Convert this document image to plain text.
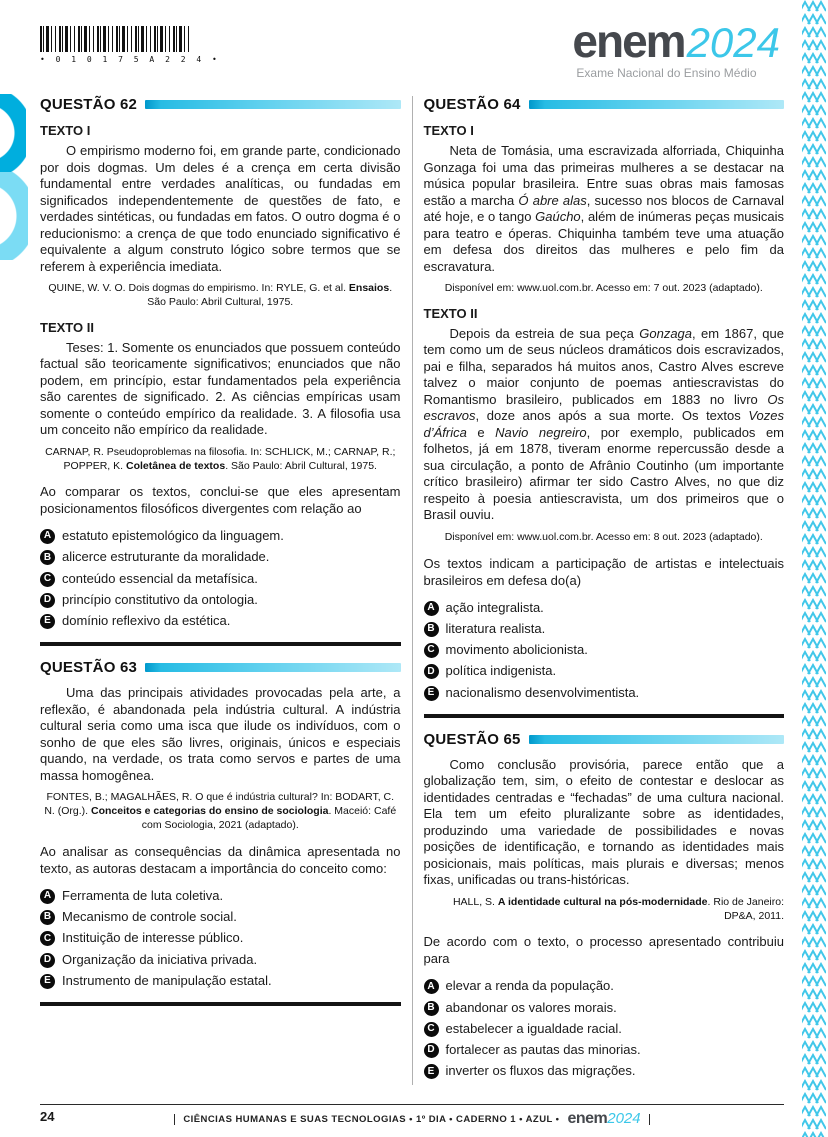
• 0 1 0 1 7 5 A 2 2 4 •	enem 2024
Exame Nacional do Ensino Médio
QUESTÃO 62
TEXTO I

O empirismo moderno foi, em grande parte, condicionado por dois dogmas. Um deles é a crença em certa divisão fundamental entre verdades analíticas, ou fundadas em significados independentemente de questões de fato, e verdades sintéticas, ou fundadas em fatos. O outro dogma é o reducionismo: a crença de que todo enunciado significativo é equivalente a algum construto lógico sobre termos que se referem à experiência imediata.

QUINE, W. V. O. Dois dogmas do empirismo. In: RYLE, G. et al. Ensaios. São Paulo: Abril Cultural, 1975.

TEXTO II

Teses: 1. Somente os enunciados que possuem conteúdo factual são teoricamente significativos; enunciados que não podem, em princípio, estar fundamentados pela experiência são carentes de significado. 2. As ciências empíricas usam somente o conteúdo empírico da realidade. 3. A filosofia usa um conceito não empírico da realidade.

CARNAP, R. Pseudoproblemas na filosofia. In: SCHLICK, M.; CARNAP, R.; POPPER, K. Coletânea de textos. São Paulo: Abril Cultural, 1975.

Ao comparar os textos, conclui-se que eles apresentam posicionamentos filosóficos divergentes com relação ao

A estatuto epistemológico da linguagem.
B alicerce estruturante da moralidade.
C conteúdo essencial da metafísica.
D princípio constitutivo da ontologia.
E domínio reflexivo da estética.
QUESTÃO 63

Uma das principais atividades provocadas pela arte, a reflexão, é abandonada pela indústria cultural. A indústria cultural seria como uma isca que ilude os indivíduos, com o sonho de que eles são livres, originais, únicos e especiais quando, na verdade, os trata como servos e partes de uma massa homogênea.

FONTES, B.; MAGALHÃES, R. O que é indústria cultural? In: BODART, C. N. (Org.). Conceitos e categorias do ensino de sociologia. Maceió: Café com Sociologia, 2021 (adaptado).

Ao analisar as consequências da dinâmica apresentada no texto, as autoras destacam a importância do conceito como:

A Ferramenta de luta coletiva.
B Mecanismo de controle social.
C Instituição de interesse público.
D Organização da iniciativa privada.
E Instrumento de manipulação estatal.
QUESTÃO 64
TEXTO I

Neta de Tomásia, uma escravizada alforriada, Chiquinha Gonzaga foi uma das primeiras mulheres a se destacar na música popular brasileira. Entre suas obras mais famosas estão a marcha Ó abre alas, sucesso nos blocos de Carnaval até hoje, e o tango Gaúcho, além de inúmeras peças musicais para teatro e óperas. Chiquinha também teve uma atuação em defesa dos direitos das mulheres e pelo fim da escravatura.

Disponível em: www.uol.com.br. Acesso em: 7 out. 2023 (adaptado).

TEXTO II

Depois da estreia de sua peça Gonzaga, em 1867, que tem como um de seus núcleos dramáticos dois escravizados, pai e filha, separados há muitos anos, Castro Alves escreve talvez o maior conjunto de poemas antiescravistas do Romantismo brasileiro, publicados em 1883 no livro Os escravos, doze anos após a sua morte. Os textos Vozes d’África e Navio negreiro, por exemplo, publicados em folhetos, já em 1878, tiveram enorme repercussão desde a sua circulação, a ponto de Afrânio Coutinho (um importante crítico brasileiro) afirmar ter sido Castro Alves, no que diz respeito à poesia antiescravista, um dos primeiros que o Brasil ouviu.

Disponível em: www.uol.com.br. Acesso em: 8 out. 2023 (adaptado).

Os textos indicam a participação de artistas e intelectuais brasileiros em defesa do(a)

A ação integralista.
B literatura realista.
C movimento abolicionista.
D política indigenista.
E nacionalismo desenvolvimentista.
QUESTÃO 65

Como conclusão provisória, parece então que a globalização tem, sim, o efeito de contestar e deslocar as identidades centradas e “fechadas” de uma cultura nacional. Ela tem um efeito pluralizante sobre as identidades, produzindo uma variedade de possibilidades e novas posições de identificação, e tornando as identidades mais posicionais, mais políticas, mais plurais e diversas; menos fixas, unificadas ou trans-históricas.

HALL, S. A identidade cultural na pós-modernidade. Rio de Janeiro: DP&A, 2011.

De acordo com o texto, o processo apresentado contribuiu para

A elevar a renda da população.
B abandonar os valores morais.
C estabelecer a igualdade racial.
D fortalecer as pautas das minorias.
E inverter os fluxos das migrações.
24	CIÊNCIAS HUMANAS E SUAS TECNOLOGIAS • 1º DIA • CADERNO 1 • AZUL • enem 2024
